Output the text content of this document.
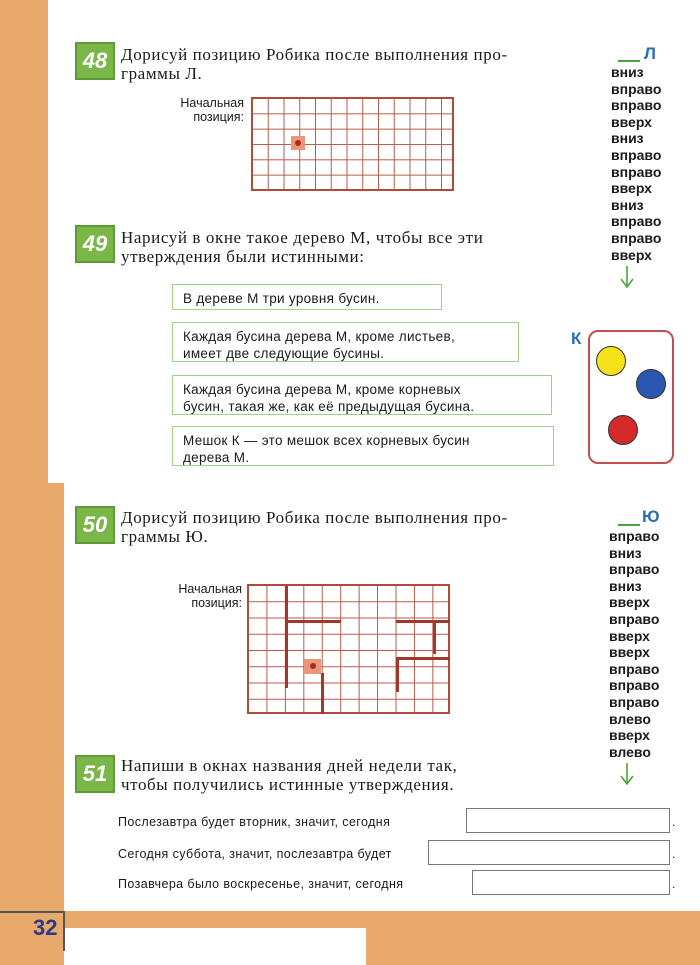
48 Дорисуй позицию Робика после выполнения про-
граммы Л.
Начальная
позиция:
Л
вниз
вправо
вправо
вверх
вниз
вправо
вправо
вверх
вниз
вправо
вправо
вверх
49 Нарисуй в окне такое дерево М, чтобы все эти
утверждения были истинными:
В дереве М три уровня бусин.
Каждая бусина дерева М, кроме листьев,
имеет две следующие бусины.
Каждая бусина дерева М, кроме корневых
бусин, такая же, как её предыдущая бусина.
Мешок К — это мешок всех корневых бусин
дерева М.
К
50 Дорисуй позицию Робика после выполнения про-
граммы Ю.
Начальная
позиция:
Ю
вправо
вниз
вправо
вниз
вверх
вправо
вверх
вверх
вправо
вправо
вправо
влево
вверх
влево
51 Напиши в окнах названия дней недели так,
чтобы получились истинные утверждения.
Послезавтра будет вторник, значит, сегодня	.
Сегодня суббота, значит, послезавтра будет	.
Позавчера было воскресенье, значит, сегодня	.
32
